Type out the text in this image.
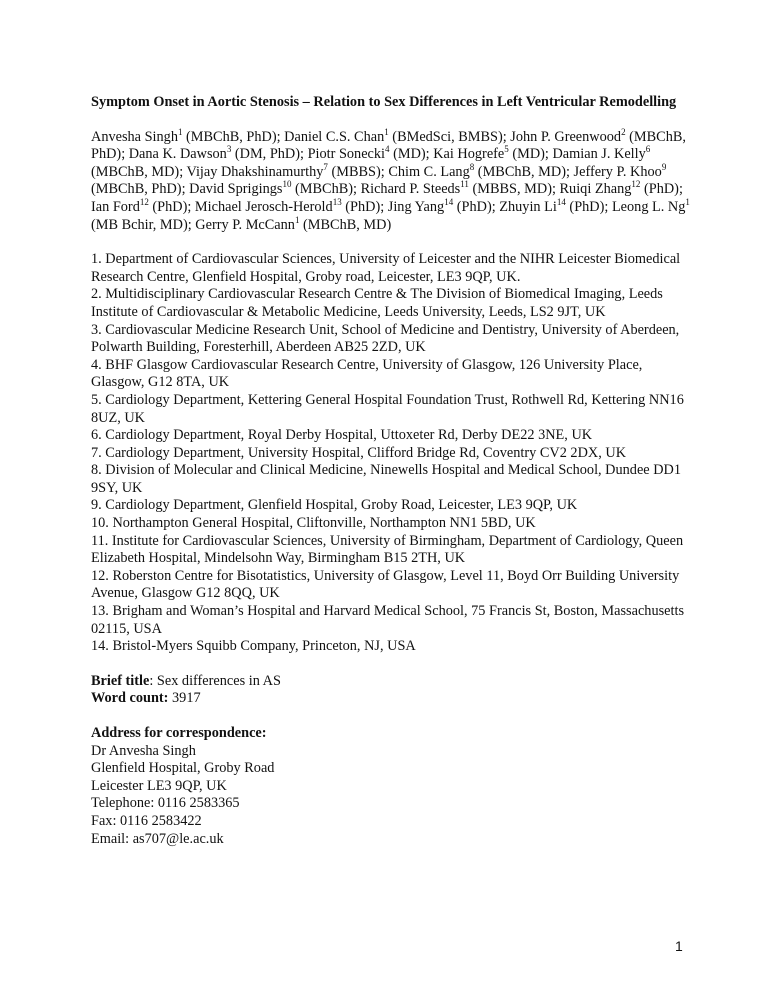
Symptom Onset in Aortic Stenosis – Relation to Sex Differences in Left Ventricular Remodelling
Anvesha Singh$^1$ (MBChB, PhD); Daniel C.S. Chan$^1$ (BMedSci, BMBS); John P. Greenwood$^2$ (MBChB, PhD); Dana K. Dawson$^3$ (DM, PhD); Piotr Sonecki$^4$ (MD); Kai Hogrefe$^5$ (MD); Damian J. Kelly$^6$ (MBChB, MD); Vijay Dhakshinamurthy$^7$ (MBBS); Chim C. Lang$^8$ (MBChB, MD); Jeffery P. Khoo$^9$ (MBChB, PhD); David Sprigings$^{10}$ (MBChB); Richard P. Steeds$^{11}$ (MBBS, MD); Ruiqi Zhang$^{12}$ (PhD); Ian Ford$^{12}$ (PhD); Michael Jerosch-Herold$^{13}$ (PhD); Jing Yang$^{14}$ (PhD); Zhuyin Li$^{14}$ (PhD); Leong L. Ng$^1$ (MB Bchir, MD); Gerry P. McCann$^1$ (MBChB, MD)
1. Department of Cardiovascular Sciences, University of Leicester and the NIHR Leicester Biomedical Research Centre, Glenfield Hospital, Groby road, Leicester, LE3 9QP, UK.
2. Multidisciplinary Cardiovascular Research Centre & The Division of Biomedical Imaging, Leeds Institute of Cardiovascular & Metabolic Medicine, Leeds University, Leeds, LS2 9JT, UK
3. Cardiovascular Medicine Research Unit, School of Medicine and Dentistry, University of Aberdeen, Polwarth Building, Foresterhill, Aberdeen AB25 2ZD, UK
4. BHF Glasgow Cardiovascular Research Centre, University of Glasgow, 126 University Place, Glasgow, G12 8TA, UK
5. Cardiology Department, Kettering General Hospital Foundation Trust, Rothwell Rd, Kettering NN16 8UZ, UK
6. Cardiology Department, Royal Derby Hospital, Uttoxeter Rd, Derby DE22 3NE, UK
7. Cardiology Department, University Hospital, Clifford Bridge Rd, Coventry CV2 2DX, UK
8. Division of Molecular and Clinical Medicine, Ninewells Hospital and Medical School, Dundee DD1 9SY, UK
9. Cardiology Department, Glenfield Hospital, Groby Road, Leicester, LE3 9QP, UK
10. Northampton General Hospital, Cliftonville, Northampton NN1 5BD, UK
11. Institute for Cardiovascular Sciences, University of Birmingham, Department of Cardiology, Queen Elizabeth Hospital, Mindelsohn Way, Birmingham B15 2TH, UK
12. Roberston Centre for Bisotatistics, University of Glasgow, Level 11, Boyd Orr Building University Avenue, Glasgow G12 8QQ, UK
13. Brigham and Woman’s Hospital and Harvard Medical School, 75 Francis St, Boston, Massachusetts 02115, USA
14. Bristol-Myers Squibb Company, Princeton, NJ, USA
Brief title: Sex differences in AS
Word count: 3917
Address for correspondence:
Dr Anvesha Singh
Glenfield Hospital, Groby Road
Leicester LE3 9QP, UK
Telephone: 0116 2583365
Fax: 0116 2583422
Email: as707@le.ac.uk
1
